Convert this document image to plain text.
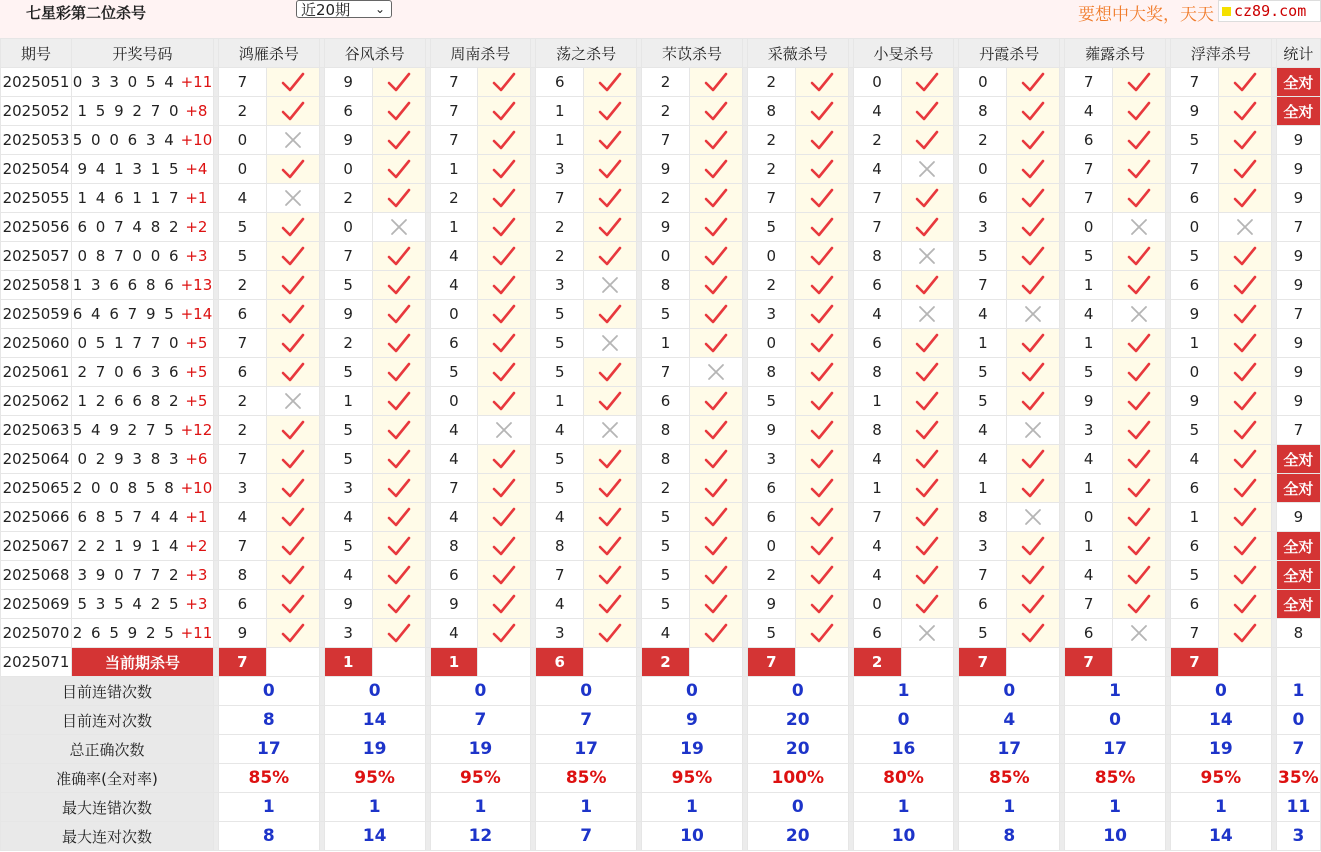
七星彩第二位杀号	近20期 ⌄	要想中大奖，天天	cz89.com
期号	开奖号码		鸿雁杀号			谷风杀号			周南杀号			荡之杀号			芣苡杀号			采薇杀号			小旻杀号			丹霞杀号			蕹露杀号			浮萍杀号			统计
2025051	0 3 3 0 5 4 +11		7			9			7			6			2			2			0			0			7			7			全对
2025052	1 5 9 2 7 0 +8		2			6			7			1			2			8			4			8			4			9			全对
2025053	5 0 0 6 3 4 +10		0			9			7			1			7			2			2			2			6			5			9
2025054	9 4 1 3 1 5 +4		0			0			1			3			9			2			4			0			7			7			9
2025055	1 4 6 1 1 7 +1		4			2			2			7			2			7			7			6			7			6			9
2025056	6 0 7 4 8 2 +2		5			0			1			2			9			5			7			3			0			0			7
2025057	0 8 7 0 0 6 +3		5			7			4			2			0			0			8			5			5			5			9
2025058	1 3 6 6 8 6 +13		2			5			4			3			8			2			6			7			1			6			9
2025059	6 4 6 7 9 5 +14		6			9			0			5			5			3			4			4			4			9			7
2025060	0 5 1 7 7 0 +5		7			2			6			5			1			0			6			1			1			1			9
2025061	2 7 0 6 3 6 +5		6			5			5			5			7			8			8			5			5			0			9
2025062	1 2 6 6 8 2 +5		2			1			0			1			6			5			1			5			9			9			9
2025063	5 4 9 2 7 5 +12		2			5			4			4			8			9			8			4			3			5			7
2025064	0 2 9 3 8 3 +6		7			5			4			5			8			3			4			4			4			4			全对
2025065	2 0 0 8 5 8 +10		3			3			7			5			2			6			1			1			1			6			全对
2025066	6 8 5 7 4 4 +1		4			4			4			4			5			6			7			8			0			1			9
2025067	2 2 1 9 1 4 +2		7			5			8			8			5			0			4			3			1			6			全对
2025068	3 9 0 7 7 2 +3		8			4			6			7			5			2			4			7			4			5			全对
2025069	5 3 5 4 2 5 +3		6			9			9			4			5			9			0			6			7			6			全对
2025070	2 6 5 9 2 5 +11		9			3			4			3			4			5			6			5			6			7			8
2025071	当前期杀号		7			1			1			6			2			7			2			7			7			7			
目前连错次数			0			0			0			0			0			0			1			0			1			0			1
目前连对次数			8			14			7			7			9			20			0			4			0			14			0
总正确次数			17			19			19			17			19			20			16			17			17			19			7
准确率(全对率)			85%			95%			95%			85%			95%			100%			80%			85%			85%			95%			35%
最大连错次数			1			1			1			1			1			0			1			1			1			1			11
最大连对次数			8			14			12			7			10			20			10			8			10			14			3
